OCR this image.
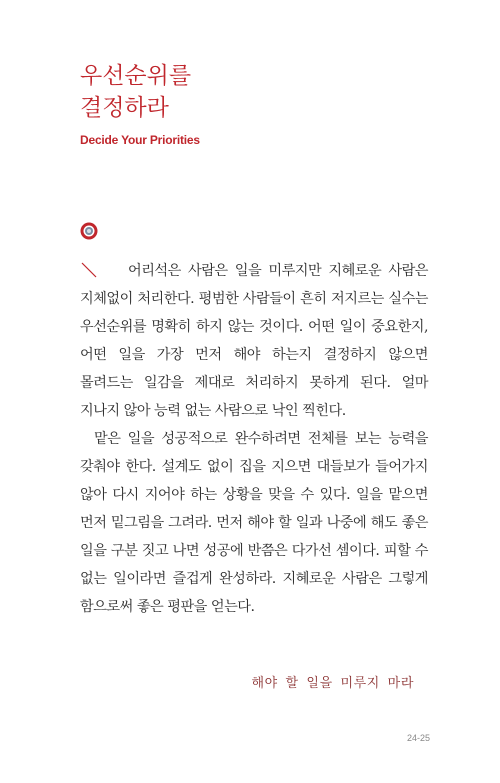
우선순위를
결정하라

Decide Your Priorities

어리석은 사람은 일을 미루지만 지혜로운 사람은 지체없이 처리한다. 평범한 사람들이 흔히 저지르는 실수는 우선순위를 명확히 하지 않는 것이다. 어떤 일이 중요한지, 어떤 일을 가장 먼저 해야 하는지 결정하지 않으면 몰려드는 일감을 제대로 처리하지 못하게 된다. 얼마 지나지 않아 능력 없는 사람으로 낙인 찍힌다.

맡은 일을 성공적으로 완수하려면 전체를 보는 능력을 갖춰야 한다. 설계도 없이 집을 지으면 대들보가 들어가지 않아 다시 지어야 하는 상황을 맞을 수 있다. 일을 맡으면 먼저 밑그림을 그려라. 먼저 해야 할 일과 나중에 해도 좋은 일을 구분 짓고 나면 성공에 반쯤은 다가선 셈이다. 피할 수 없는 일이라면 즐겁게 완성하라. 지혜로운 사람은 그렇게 함으로써 좋은 평판을 얻는다.

해야 할 일을 미루지 마라

24-25
